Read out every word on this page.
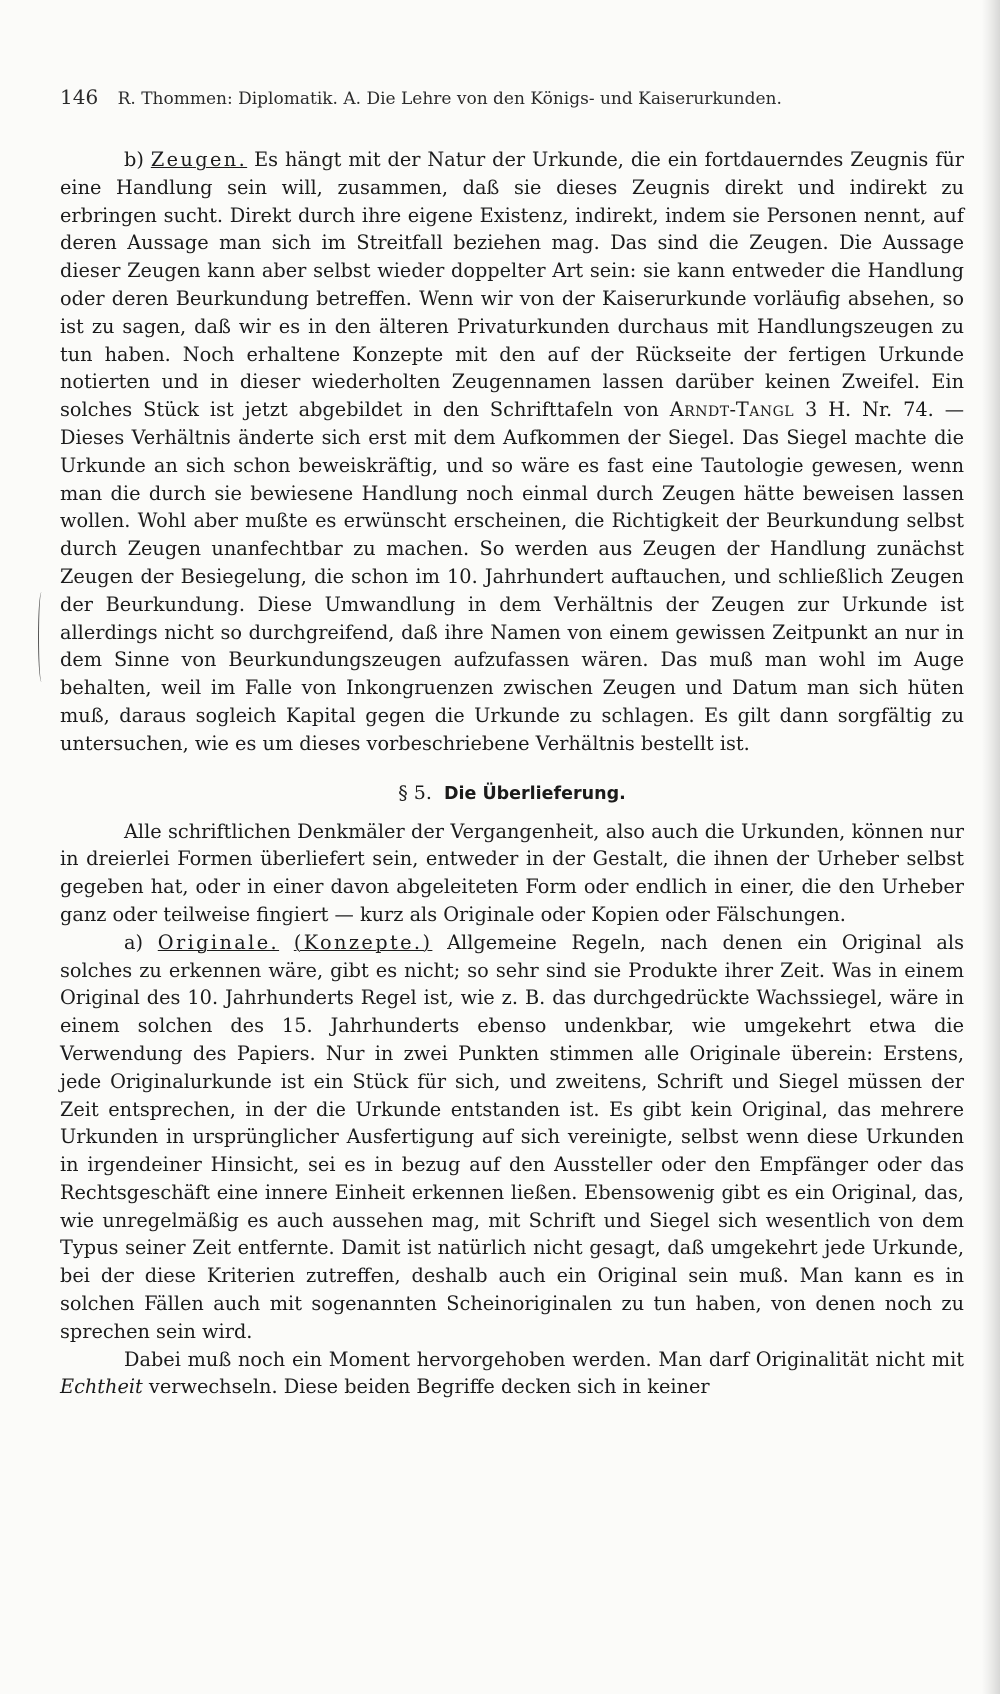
146 R. Thommen: Diplomatik. A. Die Lehre von den Königs- und Kaiserurkunden.

b) Zeugen. Es hängt mit der Natur der Urkunde, die ein fortdauerndes Zeugnis für eine Handlung sein will, zusammen, daß sie dieses Zeugnis direkt und indirekt zu erbringen sucht. Direkt durch ihre eigene Existenz, indirekt, indem sie Personen nennt, auf deren Aussage man sich im Streitfall beziehen mag. Das sind die Zeugen. Die Aussage dieser Zeugen kann aber selbst wieder doppelter Art sein: sie kann entweder die Handlung oder deren Beurkundung betreffen. Wenn wir von der Kaiserurkunde vorläufig absehen, so ist zu sagen, daß wir es in den älteren Privaturkunden durchaus mit Handlungszeugen zu tun haben. Noch erhaltene Konzepte mit den auf der Rückseite der fertigen Urkunde notierten und in dieser wiederholten Zeugennamen lassen darüber keinen Zweifel. Ein solches Stück ist jetzt abgebildet in den Schrifttafeln von Arndt-Tangl 3 H. Nr. 74. — Dieses Verhältnis änderte sich erst mit dem Aufkommen der Siegel. Das Siegel machte die Urkunde an sich schon beweiskräftig, und so wäre es fast eine Tautologie gewesen, wenn man die durch sie bewiesene Handlung noch einmal durch Zeugen hätte beweisen lassen wollen. Wohl aber mußte es erwünscht erscheinen, die Richtigkeit der Beurkundung selbst durch Zeugen unanfechtbar zu machen. So werden aus Zeugen der Handlung zunächst Zeugen der Besiegelung, die schon im 10. Jahrhundert auftauchen, und schließlich Zeugen der Beurkundung. Diese Umwandlung in dem Verhältnis der Zeugen zur Urkunde ist allerdings nicht so durchgreifend, daß ihre Namen von einem gewissen Zeitpunkt an nur in dem Sinne von Beurkundungszeugen aufzufassen wären. Das muß man wohl im Auge behalten, weil im Falle von Inkongruenzen zwischen Zeugen und Datum man sich hüten muß, daraus sogleich Kapital gegen die Urkunde zu schlagen. Es gilt dann sorgfältig zu untersuchen, wie es um dieses vorbeschriebene Verhältnis bestellt ist.

§ 5. Die Überlieferung.

Alle schriftlichen Denkmäler der Vergangenheit, also auch die Urkunden, können nur in dreierlei Formen überliefert sein, entweder in der Gestalt, die ihnen der Urheber selbst gegeben hat, oder in einer davon abgeleiteten Form oder endlich in einer, die den Urheber ganz oder teilweise fingiert — kurz als Originale oder Kopien oder Fälschungen.

a) Originale. (Konzepte.) Allgemeine Regeln, nach denen ein Original als solches zu erkennen wäre, gibt es nicht; so sehr sind sie Produkte ihrer Zeit. Was in einem Original des 10. Jahrhunderts Regel ist, wie z. B. das durchgedrückte Wachssiegel, wäre in einem solchen des 15. Jahrhunderts ebenso undenkbar, wie umgekehrt etwa die Verwendung des Papiers. Nur in zwei Punkten stimmen alle Originale überein: Erstens, jede Originalurkunde ist ein Stück für sich, und zweitens, Schrift und Siegel müssen der Zeit entsprechen, in der die Urkunde entstanden ist. Es gibt kein Original, das mehrere Urkunden in ursprünglicher Ausfertigung auf sich vereinigte, selbst wenn diese Urkunden in irgendeiner Hinsicht, sei es in bezug auf den Aussteller oder den Empfänger oder das Rechtsgeschäft eine innere Einheit erkennen ließen. Ebensowenig gibt es ein Original, das, wie unregelmäßig es auch aussehen mag, mit Schrift und Siegel sich wesentlich von dem Typus seiner Zeit entfernte. Damit ist natürlich nicht gesagt, daß umgekehrt jede Urkunde, bei der diese Kriterien zutreffen, deshalb auch ein Original sein muß. Man kann es in solchen Fällen auch mit sogenannten Scheinoriginalen zu tun haben, von denen noch zu sprechen sein wird.

Dabei muß noch ein Moment hervorgehoben werden. Man darf Originalität nicht mit Echtheit verwechseln. Diese beiden Begriffe decken sich in keiner
